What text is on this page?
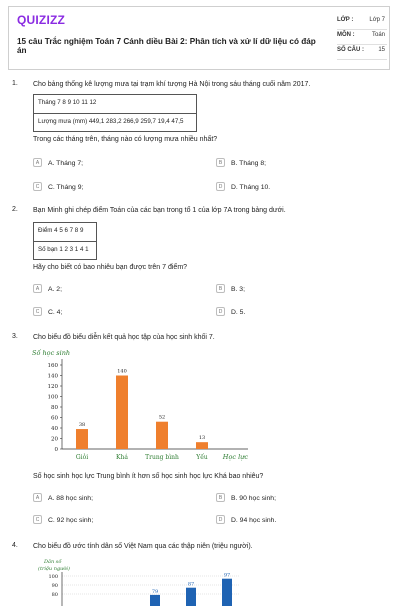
QUIZIZZ
15 câu Trắc nghiệm Toán 7 Cánh diều Bài 2: Phân tích và xử lí dữ liệu có đáp án
LỚP :	Lớp 7
MÔN :	Toán
SỐ CÂU : 15
1. Cho bảng thống kê lượng mưa tại trạm khí tượng Hà Nội trong sáu tháng cuối năm 2017.
Tháng 7 8 9 10 11 12
Lượng mưa (mm) 449,1 283,2 266,9 259,7 19,4 47,5
Trong các tháng trên, tháng nào có lượng mưa nhiều nhất?
A	A. Tháng 7;	B	B. Tháng 8;
C	C. Tháng 9;	D	D. Tháng 10.
2. Bạn Minh ghi chép điểm Toán của các bạn trong tổ 1 của lớp 7A trong bảng dưới.
Điểm 4 5 6 7 8 9
Số bạn 1 2 3 1 4 1
Hãy cho biết có bao nhiêu bạn được trên 7 điểm?
A	A. 2;	B	B. 3;
C	C. 4;	D	D. 5.
3. Cho biểu đồ biểu diễn kết quả học tập của học sinh khối 7.
Số học sinh
0
20
40
60
80
100
120
140
160
38
Giỏi
140
Khá
52
Trung bình
13
Yếu Học lực
Số học sinh học lực Trung bình ít hơn số học sinh học lực Khá bao nhiêu?
A	A. 88 học sinh;	B	B. 90 học sinh;
C	C. 92 học sinh;	D	D. 94 học sinh.
4. Cho biểu đồ ước tính dân số Việt Nam qua các thập niên (triệu người).
Dân số
(triệu người)
80
90
100
79
87
97
